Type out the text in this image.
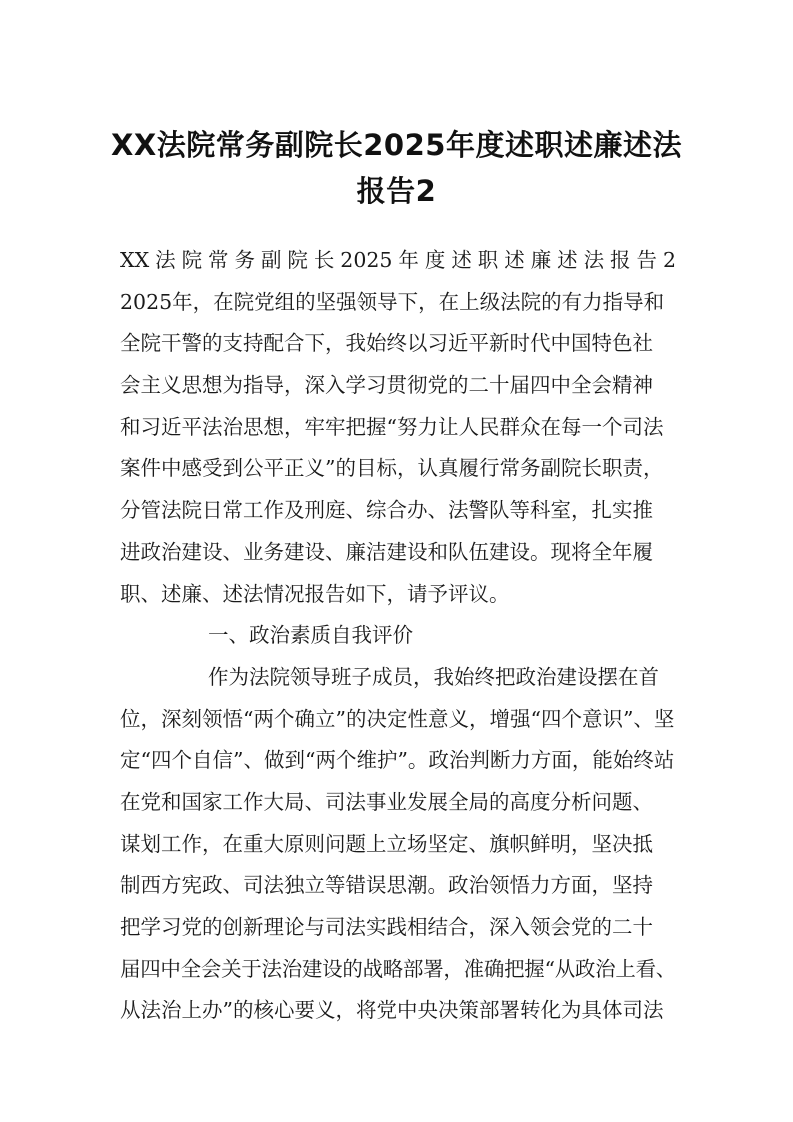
XX法院常务副院长2025年度述职述廉述法
报告2
XX法院常务副院长2025年度述职述廉述法报告2
2025年，在院党组的坚强领导下，在上级法院的有力指导和
全院干警的支持配合下，我始终以习近平新时代中国特色社
会主义思想为指导，深入学习贯彻党的二十届四中全会精神
和习近平法治思想，牢牢把握“努力让人民群众在每一个司法
案件中感受到公平正义”的目标，认真履行常务副院长职责，
分管法院日常工作及刑庭、综合办、法警队等科室，扎实推
进政治建设、业务建设、廉洁建设和队伍建设。现将全年履
职、述廉、述法情况报告如下，请予评议。
一、政治素质自我评价
作为法院领导班子成员，我始终把政治建设摆在首
位，深刻领悟“两个确立”的决定性意义，增强“四个意识”、坚
定“四个自信”、做到“两个维护”。政治判断力方面，能始终站
在党和国家工作大局、司法事业发展全局的高度分析问题、
谋划工作，在重大原则问题上立场坚定、旗帜鲜明，坚决抵
制西方宪政、司法独立等错误思潮。政治领悟力方面，坚持
把学习党的创新理论与司法实践相结合，深入领会党的二十
届四中全会关于法治建设的战略部署，准确把握“从政治上看、
从法治上办”的核心要义，将党中央决策部署转化为具体司法
